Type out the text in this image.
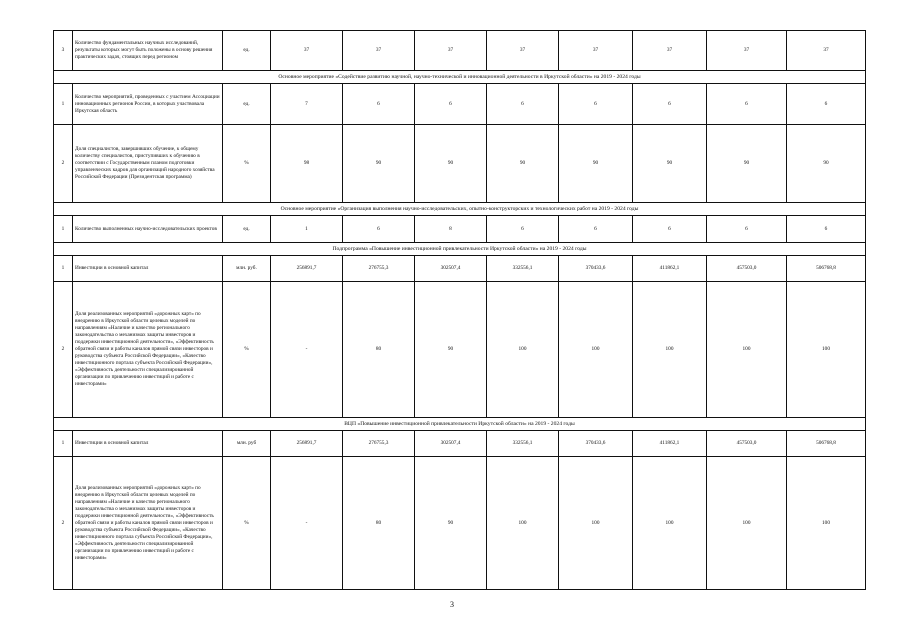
3	Количество фундаментальных научных исследований, результаты которых могут быть положены в основу решения практических задач, стоящих перед регионом	ед.	37	37	37	37	37	37	37	37
Основное мероприятие «Содействие развитию научной, научно-технической и инновационной деятельности в Иркутской области» на 2019 - 2024 годы										
1	Количество мероприятий, проведенных с участием Ассоциации инновационных регионов России, в которых участвовала Иркутская область	ед.	7	6	6	6	6	6	6	6
2	Доля специалистов, завершивших обучение, к общему количеству специалистов, приступивших к обучению в соответствии с Государственным планом подготовки управленческих кадров для организаций народного хозяйства Российской Федерации (Президентская программа)	%	98	90	90	90	90	90	90	90
Основное мероприятие «Организация выполнения научно-исследовательских, опытно-конструкторских и технологических работ на 2019 - 2024 годы										
1	Количество выполненных научно-исследовательских проектов	ед.	1	6	8	6	6	6	6	6
Подпрограмма «Повышение инвестиционной привлекательности Иркутской области» на 2019 - 2024 годы										
1	Инвестиции в основной капитал	млн. руб.	256891,7	276755,3	302507,4	332556,1	370433,6	411862,1	457503,0	506768,8
2	Доля реализованных мероприятий «дорожных карт» по внедрению в Иркутской области целевых моделей по направлениям «Наличие и качество регионального законодательства о механизмах защиты инвесторов и поддержки инвестиционной деятельности», «Эффективность обратной связи и работы каналов прямой связи инвесторов и руководства субъекта Российской Федерации», «Качество инвестиционного портала субъекта Российской Федерации», «Эффективность деятельности специализированной организации по привлечению инвестиций и работе с инвесторами»	%	-	80	90	100	100	100	100	100
ВЦП «Повышение инвестиционной привлекательности Иркутской области» на 2019 - 2024 годы										
1	Инвестиции в основной капитал	млн. руб	256891,7	276755,3	302507,4	332556,1	370433,6	411862,1	457503,0	506768,8
2	Доля реализованных мероприятий «дорожных карт» по внедрению в Иркутской области целевых моделей по направлениям «Наличие и качество регионального законодательства о механизмах защиты инвесторов и поддержки инвестиционной деятельности», «Эффективность обратной связи и работы каналов прямой связи инвесторов и руководства субъекта Российской Федерации», «Качество инвестиционного портала субъекта Российской Федерации», «Эффективность деятельности специализированной организации по привлечению инвестиций и работе с инвесторами»	%	-	80	90	100	100	100	100	100
3
